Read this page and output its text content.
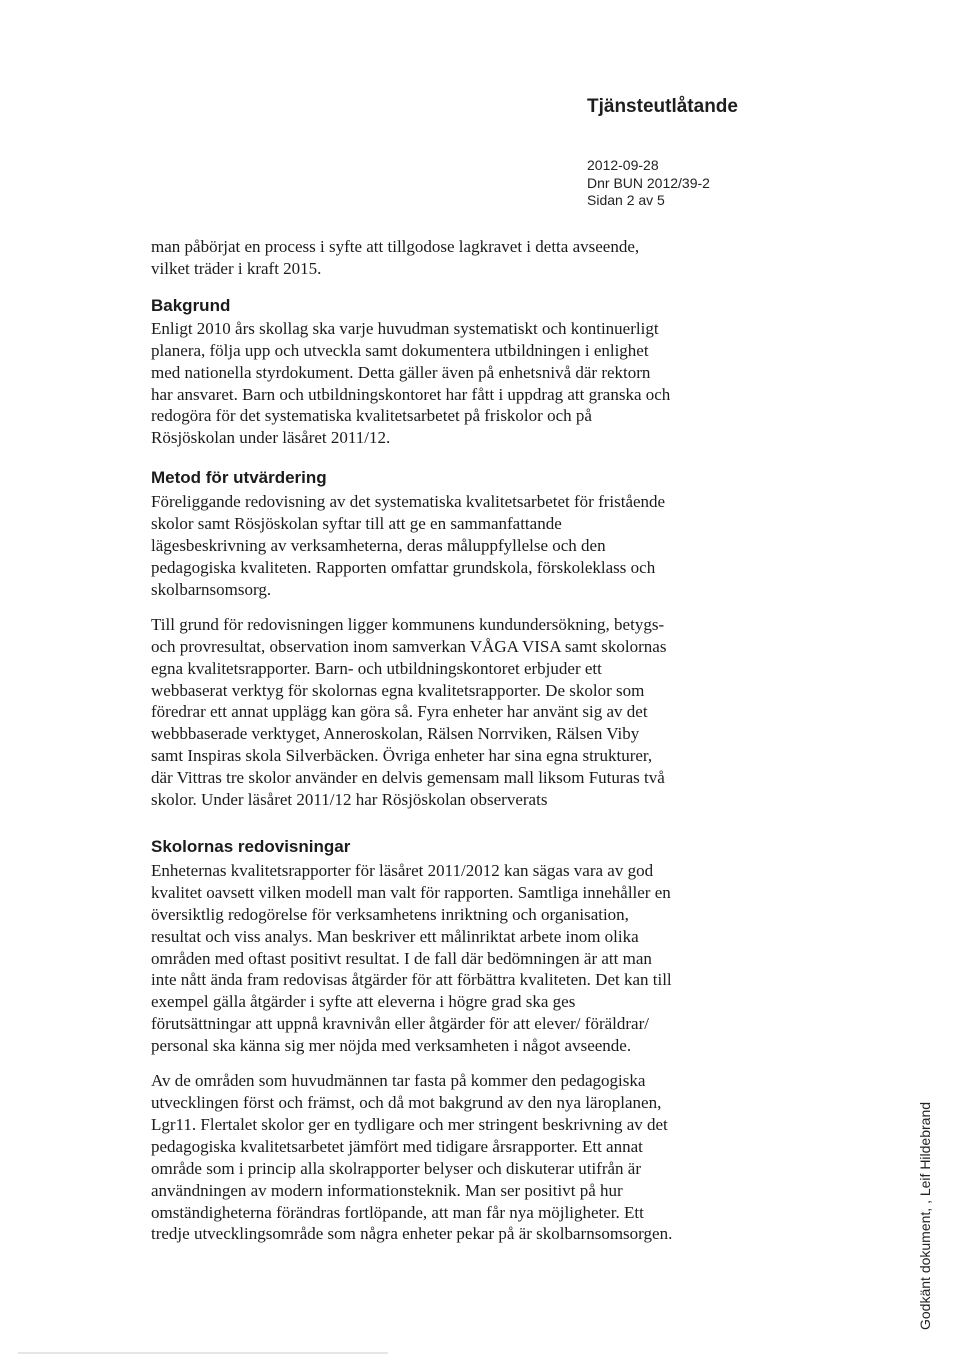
Tjänsteutlåtande
2012-09-28
Dnr BUN 2012/39-2
Sidan 2 av 5

man påbörjat en process i syfte att tillgodose lagkravet i detta avseende,
vilket träder i kraft 2015.

Bakgrund

Enligt 2010 års skollag ska varje huvudman systematiskt och kontinuerligt
planera, följa upp och utveckla samt dokumentera utbildningen i enlighet
med nationella styrdokument. Detta gäller även på enhetsnivå där rektorn
har ansvaret. Barn och utbildningskontoret har fått i uppdrag att granska och
redogöra för det systematiska kvalitetsarbetet på friskolor och på
Rösjöskolan under läsåret 2011/12.

Metod för utvärdering

Föreliggande redovisning av det systematiska kvalitetsarbetet för fristående
skolor samt Rösjöskolan syftar till att ge en sammanfattande
lägesbeskrivning av verksamheterna, deras måluppfyllelse och den
pedagogiska kvaliteten. Rapporten omfattar grundskola, förskoleklass och
skolbarnsomsorg.

Till grund för redovisningen ligger kommunens kundundersökning, betygs-
och provresultat, observation inom samverkan VÅGA VISA samt skolornas
egna kvalitetsrapporter. Barn- och utbildningskontoret erbjuder ett
webbaserat verktyg för skolornas egna kvalitetsrapporter. De skolor som
föredrar ett annat upplägg kan göra så. Fyra enheter har använt sig av det
webbbaserade verktyget, Anneroskolan, Rälsen Norrviken, Rälsen Viby
samt Inspiras skola Silverbäcken. Övriga enheter har sina egna strukturer,
där Vittras tre skolor använder en delvis gemensam mall liksom Futuras två
skolor. Under läsåret 2011/12 har Rösjöskolan observerats

Skolornas redovisningar

Enheternas kvalitetsrapporter för läsåret 2011/2012 kan sägas vara av god
kvalitet oavsett vilken modell man valt för rapporten. Samtliga innehåller en
översiktlig redogörelse för verksamhetens inriktning och organisation,
resultat och viss analys. Man beskriver ett målinriktat arbete inom olika
områden med oftast positivt resultat. I de fall där bedömningen är att man
inte nått ända fram redovisas åtgärder för att förbättra kvaliteten. Det kan till
exempel gälla åtgärder i syfte att eleverna i högre grad ska ges
förutsättningar att uppnå kravnivån eller åtgärder för att elever/ föräldrar/
personal ska känna sig mer nöjda med verksamheten i något avseende.

Av de områden som huvudmännen tar fasta på kommer den pedagogiska
utvecklingen först och främst, och då mot bakgrund av den nya läroplanen,
Lgr11. Flertalet skolor ger en tydligare och mer stringent beskrivning av det
pedagogiska kvalitetsarbetet jämfört med tidigare årsrapporter. Ett annat
område som i princip alla skolrapporter belyser och diskuterar utifrån är
användningen av modern informationsteknik. Man ser positivt på hur
omständigheterna förändras fortlöpande, att man får nya möjligheter. Ett
tredje utvecklingsområde som några enheter pekar på är skolbarnsomsorgen.	Godkänt dokument, , Leif Hildebrand
